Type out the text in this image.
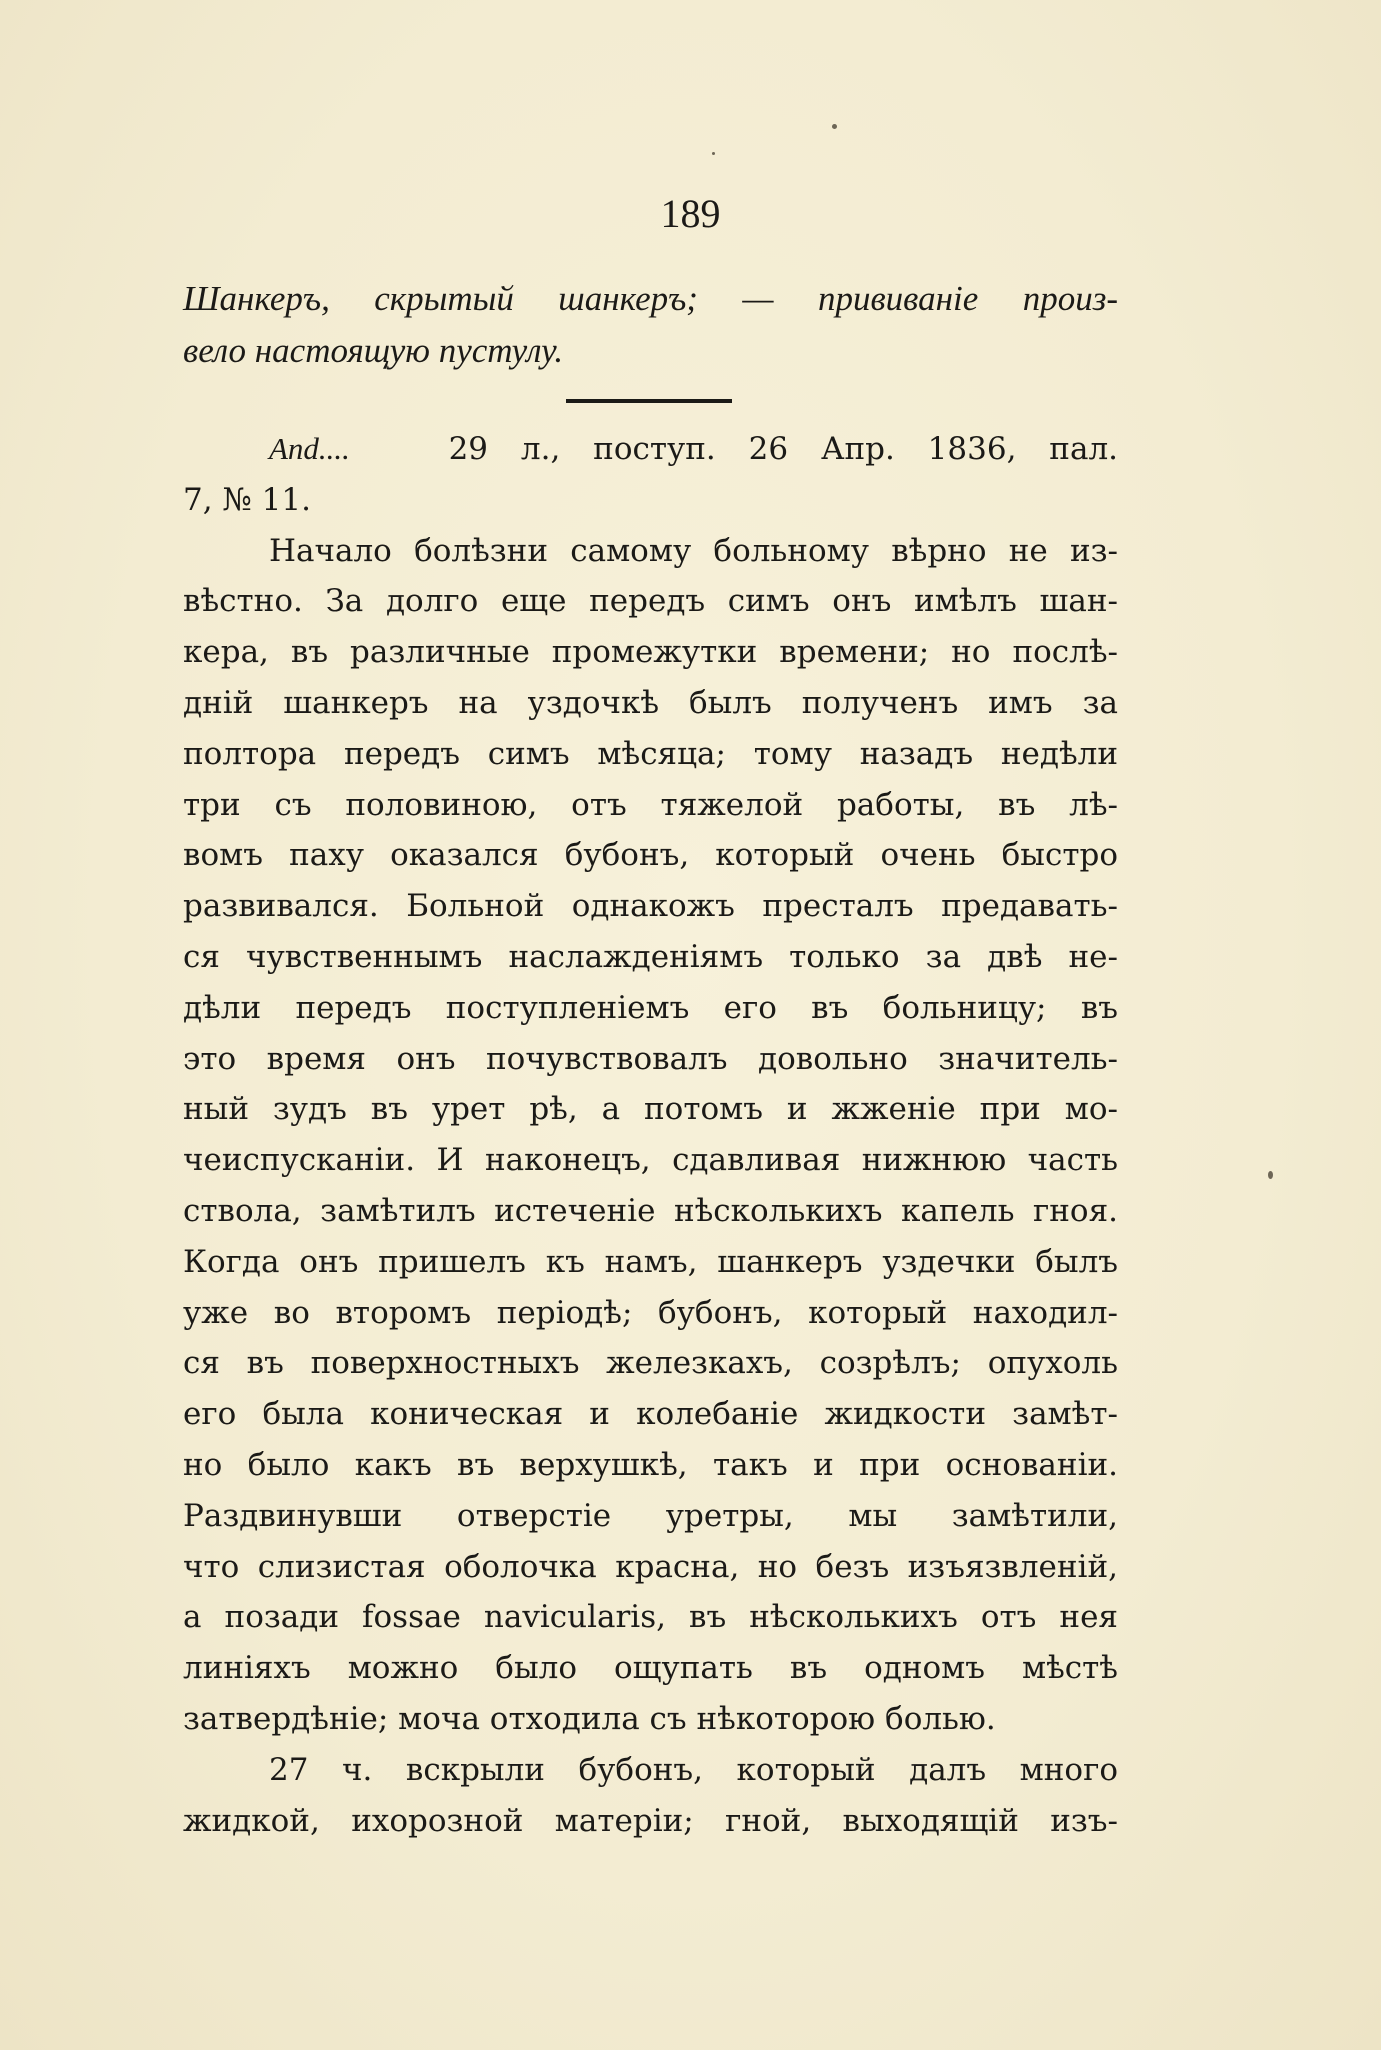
189
Шанкеръ, скрытый шанкеръ; — прививаніе произ-
вело настоящую пустулу.
And....	29 л., поступ. 26 Апр. 1836, пал.
7, № 11.
Начало болѣзни самому больному вѣрно не из-
вѣстно. За долго еще передъ симъ онъ имѣлъ шан-
кера, въ различные промежутки времени; но послѣ-
дній шанкеръ на уздочкѣ былъ полученъ имъ за
полтора передъ симъ мѣсяца; тому назадъ недѣли
три съ половиною, отъ тяжелой работы, въ лѣ-
вомъ паху оказался бубонъ, который очень быстро
развивался. Больной однакожъ престалъ предавать-
ся чувственнымъ наслажденіямъ только за двѣ не-
дѣли передъ поступленіемъ его въ больницу; въ
это время онъ почувствовалъ довольно значитель-
ный зудъ въ урет рѣ, а потомъ и жженіе при мо-
чеиспусканіи. И наконецъ, сдавливая нижнюю часть
ствола, замѣтилъ истеченіе нѣсколькихъ капель гноя.
Когда онъ пришелъ къ намъ, шанкеръ уздечки былъ
уже во второмъ періодѣ; бубонъ, который находил-
ся въ поверхностныхъ железкахъ, созрѣлъ; опухоль
его была коническая и колебаніе жидкости замѣт-
но было какъ въ верхушкѣ, такъ и при основаніи.
Раздвинувши отверстіе уретры, мы замѣтили,
что слизистая оболочка красна, но безъ изъязвленій,
а позади fossae navicularis, въ нѣсколькихъ отъ нея
линіяхъ можно было ощупать въ одномъ мѣстѣ
затвердѣніе; моча отходила съ нѣкоторою болью.
27 ч. вскрыли бубонъ, который далъ много
жидкой, ихорозной матеріи; гной, выходящій изъ-
